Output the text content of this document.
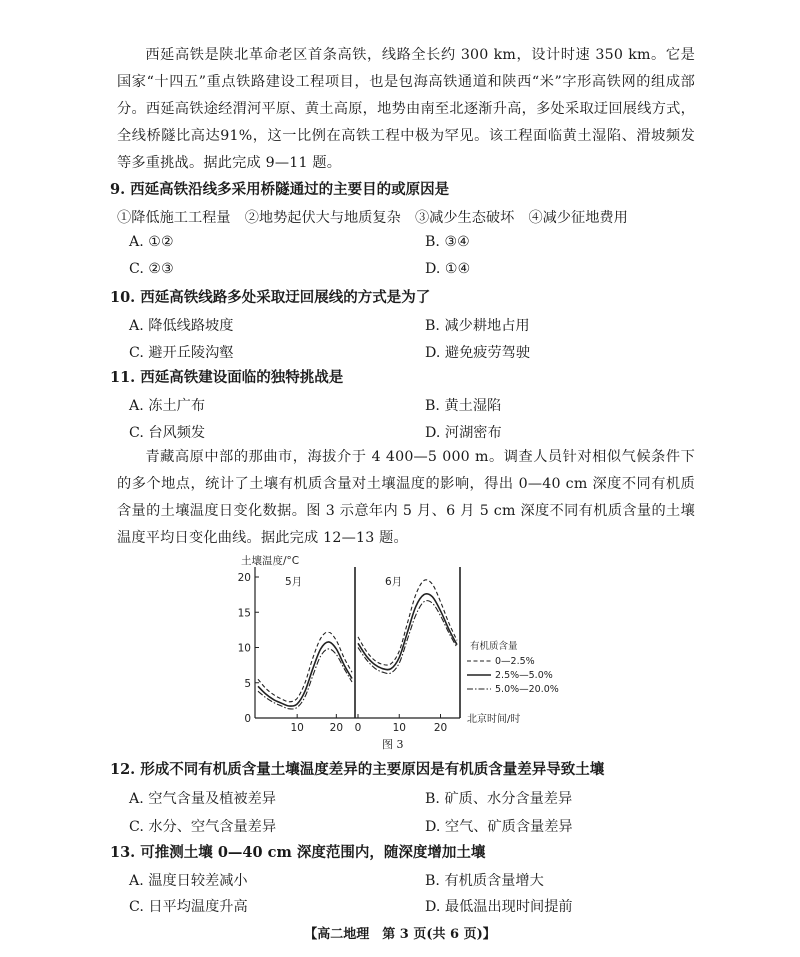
西延高铁是陕北革命老区首条高铁，线路全长约 300 km，设计时速 350 km。它是国家“十四五”重点铁路建设工程项目，也是包海高铁通道和陕西“米”字形高铁网的组成部分。西延高铁途经渭河平原、黄土高原，地势由南至北逐渐升高，多处采取迂回展线方式，全线桥隧比高达91%，这一比例在高铁工程中极为罕见。该工程面临黄土湿陷、滑坡频发等多重挑战。据此完成 9—11 题。
9. 西延高铁沿线多采用桥隧通过的主要目的或原因是
①降低施工工程量　②地势起伏大与地质复杂　③减少生态破坏　④减少征地费用
A. ①②	B. ③④
C. ②③	D. ①④
10. 西延高铁线路多处采取迂回展线的方式是为了
A. 降低线路坡度	B. 减少耕地占用
C. 避开丘陵沟壑	D. 避免疲劳驾驶
11. 西延高铁建设面临的独特挑战是
A. 冻土广布	B. 黄土湿陷
C. 台风频发	D. 河湖密布
青藏高原中部的那曲市，海拔介于 4 400—5 000 m。调查人员针对相似气候条件下的多个地点，统计了土壤有机质含量对土壤温度的影响，得出 0—40 cm 深度不同有机质含量的土壤温度日变化数据。图 3 示意年内 5 月、6 月 5 cm 深度不同有机质含量的土壤温度平均日变化曲线。据此完成 12—13 题。
土壤温度/°C
20
15
10
5
0
5月
10 20
6月
0	10	20
有机质含量
0—2.5%
2.5%—5.0%
5.0%—20.0%
北京时间/时
图 3
12. 形成不同有机质含量土壤温度差异的主要原因是有机质含量差异导致土壤
A. 空气含量及植被差异	B. 矿质、水分含量差异
C. 水分、空气含量差异	D. 空气、矿质含量差异
13. 可推测土壤 0—40 cm 深度范围内，随深度增加土壤
A. 温度日较差减小	B. 有机质含量增大
C. 日平均温度升高	D. 最低温出现时间提前
【高二地理　第 3 页(共 6 页)】
